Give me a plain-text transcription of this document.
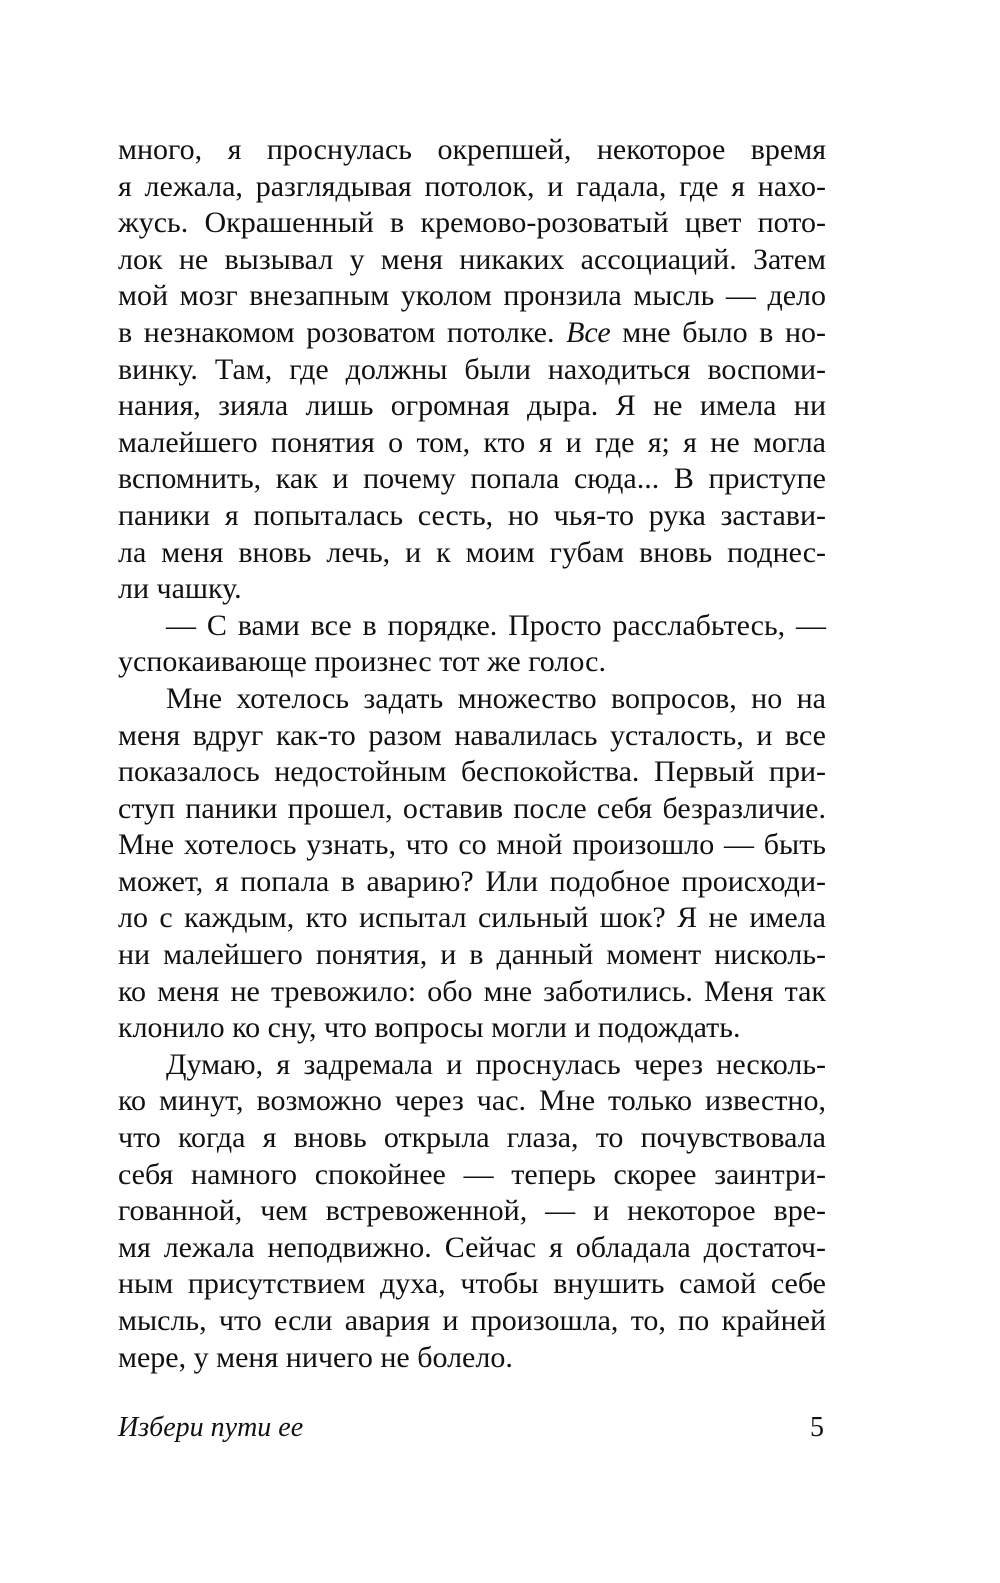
много, я проснулась окрепшей, некоторое время
я лежала, разглядывая потолок, и гадала, где я нахо-
жусь. Окрашенный в кремово-розоватый цвет пото-
лок не вызывал у меня никаких ассоциаций. Затем
мой мозг внезапным уколом пронзила мысль — дело
в незнакомом розоватом потолке. Все мне было в но-
винку. Там, где должны были находиться воспоми-
нания, зияла лишь огромная дыра. Я не имела ни
малейшего понятия о том, кто я и где я; я не могла
вспомнить, как и почему попала сюда... В приступе
паники я попыталась сесть, но чья-то рука застави-
ла меня вновь лечь, и к моим губам вновь поднес-
ли чашку.
— С вами все в порядке. Просто расслабьтесь, —
успокаивающе произнес тот же голос.
Мне хотелось задать множество вопросов, но на
меня вдруг как-то разом навалилась усталость, и все
показалось недостойным беспокойства. Первый при-
ступ паники прошел, оставив после себя безразличие.
Мне хотелось узнать, что со мной произошло — быть
может, я попала в аварию? Или подобное происходи-
ло с каждым, кто испытал сильный шок? Я не имела
ни малейшего понятия, и в данный момент нисколь-
ко меня не тревожило: обо мне заботились. Меня так
клонило ко сну, что вопросы могли и подождать.
Думаю, я задремала и проснулась через несколь-
ко минут, возможно через час. Мне только известно,
что когда я вновь открыла глаза, то почувствовала
себя намного спокойнее — теперь скорее заинтри-
гованной, чем встревоженной, — и некоторое вре-
мя лежала неподвижно. Сейчас я обладала достаточ-
ным присутствием духа, чтобы внушить самой себе
мысль, что если авария и произошла, то, по крайней
мере, у меня ничего не болело.
Избери пути ее	5
